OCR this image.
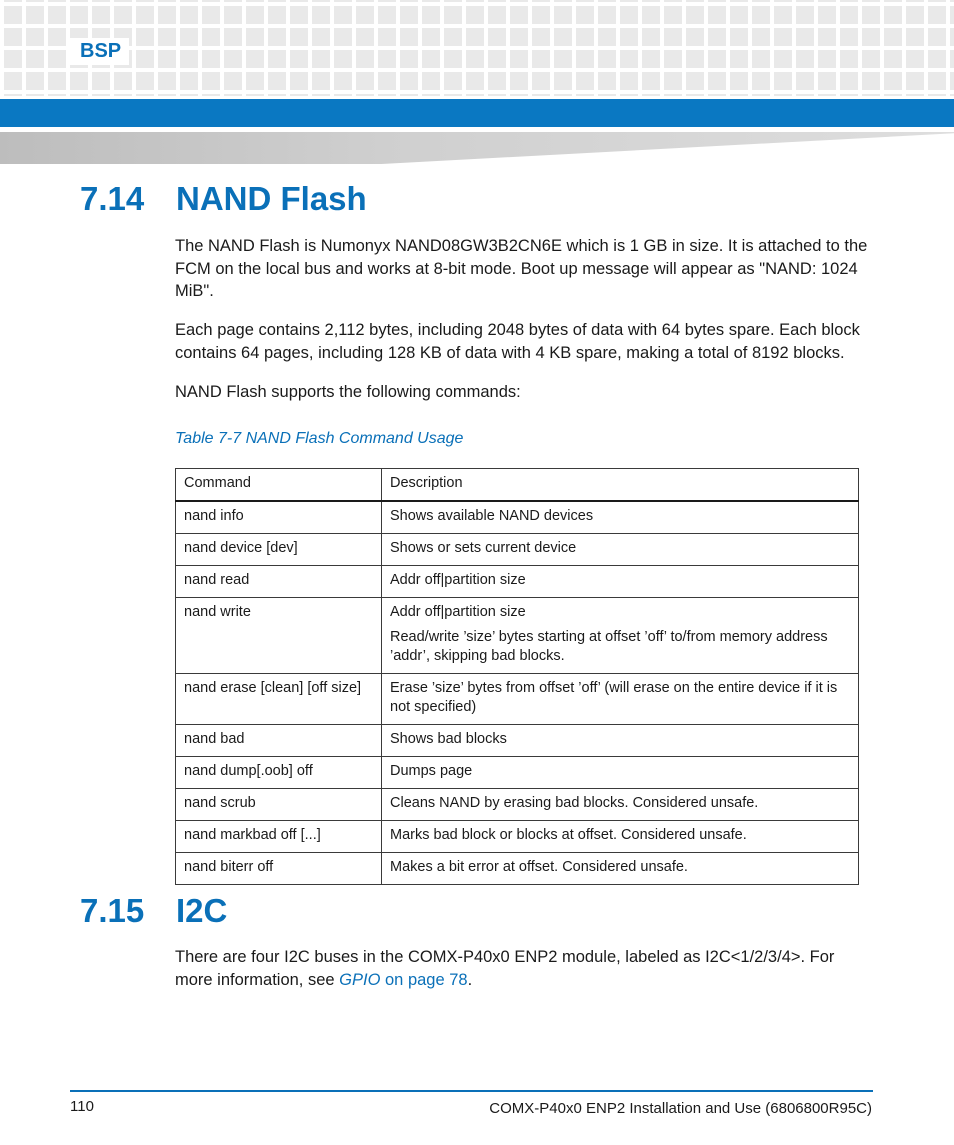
BSP
7.14 NAND Flash

The NAND Flash is Numonyx NAND08GW3B2CN6E which is 1 GB in size. It is attached to the FCM on the local bus and works at 8-bit mode. Boot up message will appear as "NAND: 1024 MiB".

Each page contains 2,112 bytes, including 2048 bytes of data with 64 bytes spare. Each block contains 64 pages, including 128 KB of data with 4 KB spare, making a total of 8192 blocks.

NAND Flash supports the following commands:

Table 7-7 NAND Flash Command Usage
Command	Description
nand info	Shows available NAND devices

nand device [dev]	Shows or sets current device

nand read	Addr off|partition size

nand write	Addr off|partition size
Read/write ’size’ bytes starting at offset ’off’ to/from memory address ’addr’, skipping bad blocks.

nand erase [clean] [off size]	Erase ’size’ bytes from offset ’off’ (will erase on the entire device if it is not specified)

nand bad	Shows bad blocks

nand dump[.oob] off	Dumps page

nand scrub	Cleans NAND by erasing bad blocks. Considered unsafe.

nand markbad off [...]	Marks bad block or blocks at offset. Considered unsafe.

nand biterr off	Makes a bit error at offset. Considered unsafe.
7.15 I2C

There are four I2C buses in the COMX-P40x0 ENP2 module, labeled as I2C<1/2/3/4>. For more information, see GPIO on page 78.

110	COMX-P40x0 ENP2 Installation and Use (6806800R95C)
